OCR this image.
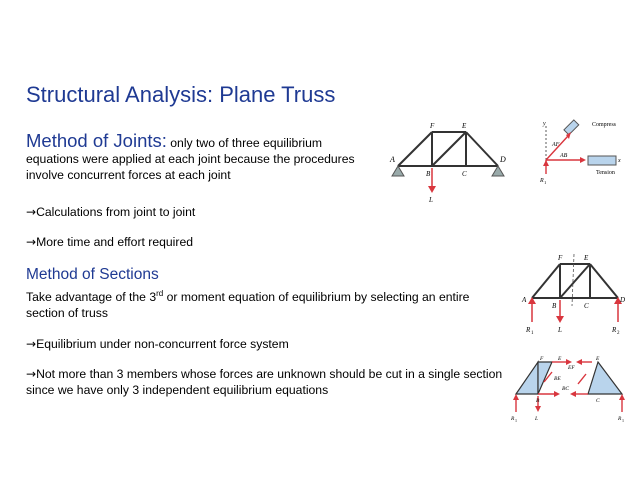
Structural Analysis: Plane Truss
Method of Joints: only two of three equilibrium equations were applied at each joint because the procedures involve concurrent forces at each joint
→Calculations from joint to joint
→More time and effort required
Method of Sections
Take advantage of the 3rd or moment equation of equilibrium by selecting an entire section of truss
→Equilibrium under non-concurrent force system
→Not more than 3 members whose forces are unknown should be cut in a single section since we have only 3 independent equilibrium equations
A
B	C
D
E
F
L
y
AF
AB
x
R 1
Compress
Tension
A
B	C
D
E
F
L
R 1	R 2
F	E	E
EF
BE
BC
B	C
R 1	L	R 1
